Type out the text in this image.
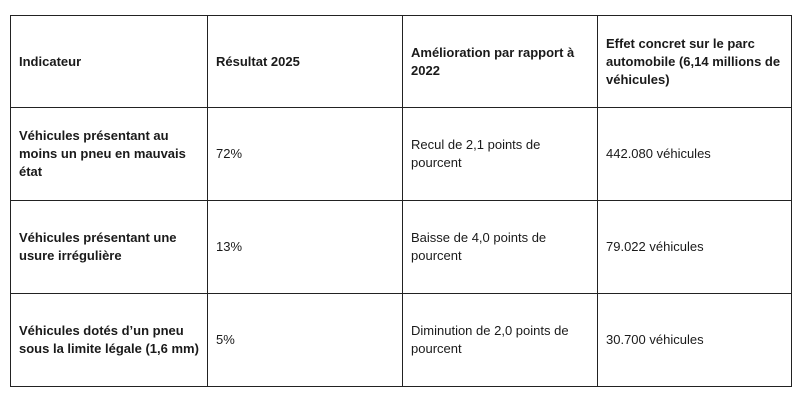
Indicateur	Résultat 2025	Amélioration par rapport à 2022	Effet concret sur le parc automobile (6,14 millions de véhicules)
Véhicules présentant au moins un pneu en mauvais état	72%	Recul de 2,1 points de pourcent	442.080 véhicules
Véhicules présentant une usure irrégulière	13%	Baisse de 4,0 points de pourcent	79.022 véhicules
Véhicules dotés d’un pneu sous la limite légale (1,6 mm)	5%	Diminution de 2,0 points de pourcent	30.700 véhicules
